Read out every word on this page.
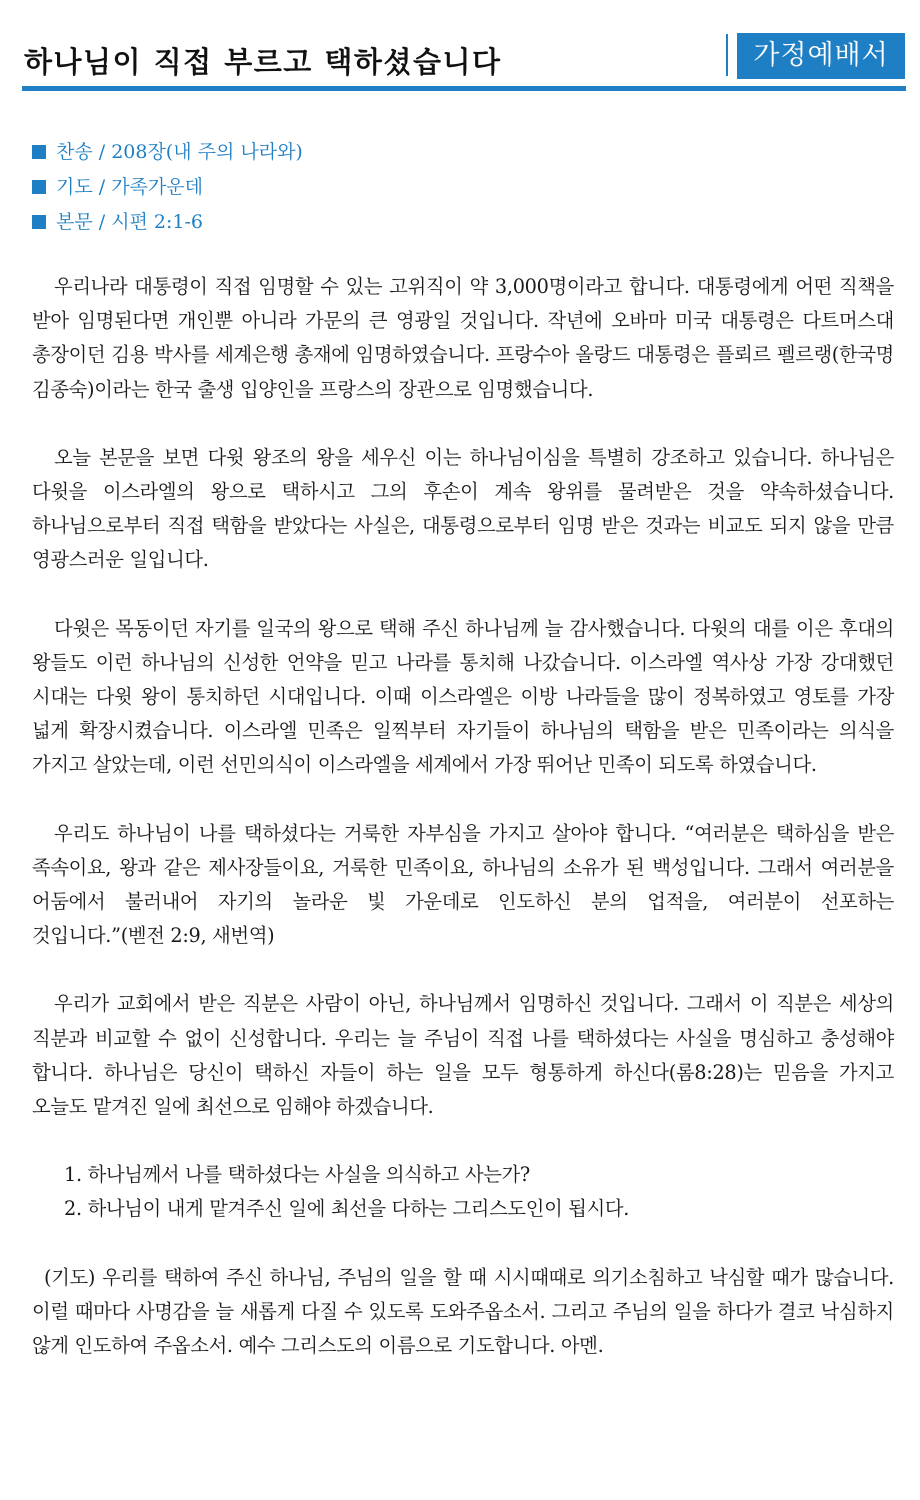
하나님이 직접 부르고 택하셨습니다	가정예배서
찬송 / 208장(내 주의 나라와)
기도 / 가족가운데
본문 / 시편 2:1-6

우리나라 대통령이 직접 임명할 수 있는 고위직이 약 3,000명이라고 합니다. 대통령에게 어떤 직책을 받아 임명된다면 개인뿐 아니라 가문의 큰 영광일 것입니다. 작년에 오바마 미국 대통령은 다트머스대 총장이던 김용 박사를 세계은행 총재에 임명하였습니다. 프랑수아 올랑드 대통령은 플뢰르 펠르랭(한국명 김종숙)이라는 한국 출생 입양인을 프랑스의 장관으로 임명했습니다.

오늘 본문을 보면 다윗 왕조의 왕을 세우신 이는 하나님이심을 특별히 강조하고 있습니다. 하나님은 다윗을 이스라엘의 왕으로 택하시고 그의 후손이 계속 왕위를 물려받은 것을 약속하셨습니다. 하나님으로부터 직접 택함을 받았다는 사실은, 대통령으로부터 임명 받은 것과는 비교도 되지 않을 만큼 영광스러운 일입니다.

다윗은 목동이던 자기를 일국의 왕으로 택해 주신 하나님께 늘 감사했습니다. 다윗의 대를 이은 후대의 왕들도 이런 하나님의 신성한 언약을 믿고 나라를 통치해 나갔습니다. 이스라엘 역사상 가장 강대했던 시대는 다윗 왕이 통치하던 시대입니다. 이때 이스라엘은 이방 나라들을 많이 정복하였고 영토를 가장 넓게 확장시켰습니다. 이스라엘 민족은 일찍부터 자기들이 하나님의 택함을 받은 민족이라는 의식을 가지고 살았는데, 이런 선민의식이 이스라엘을 세계에서 가장 뛰어난 민족이 되도록 하였습니다.

우리도 하나님이 나를 택하셨다는 거룩한 자부심을 가지고 살아야 합니다. “여러분은 택하심을 받은 족속이요, 왕과 같은 제사장들이요, 거룩한 민족이요, 하나님의 소유가 된 백성입니다. 그래서 여러분을 어둠에서 불러내어 자기의 놀라운 빛 가운데로 인도하신 분의 업적을, 여러분이 선포하는 것입니다.”(벧전 2:9, 새번역)

우리가 교회에서 받은 직분은 사람이 아닌, 하나님께서 임명하신 것입니다. 그래서 이 직분은 세상의 직분과 비교할 수 없이 신성합니다. 우리는 늘 주님이 직접 나를 택하셨다는 사실을 명심하고 충성해야 합니다. 하나님은 당신이 택하신 자들이 하는 일을 모두 형통하게 하신다(롬8:28)는 믿음을 가지고 오늘도 맡겨진 일에 최선으로 임해야 하겠습니다.

1. 하나님께서 나를 택하셨다는 사실을 의식하고 사는가?
2. 하나님이 내게 맡겨주신 일에 최선을 다하는 그리스도인이 됩시다.

(기도) 우리를 택하여 주신 하나님, 주님의 일을 할 때 시시때때로 의기소침하고 낙심할 때가 많습니다. 이럴 때마다 사명감을 늘 새롭게 다질 수 있도록 도와주옵소서. 그리고 주님의 일을 하다가 결코 낙심하지 않게 인도하여 주옵소서. 예수 그리스도의 이름으로 기도합니다. 아멘.
